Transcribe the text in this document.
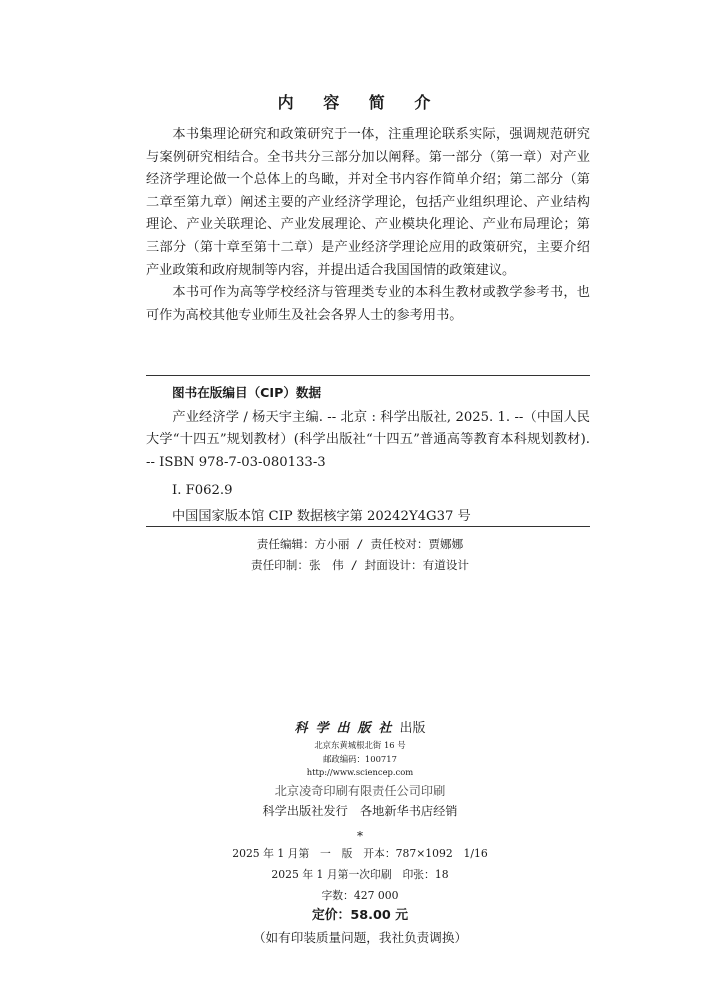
内 容 简 介

本书集理论研究和政策研究于一体，注重理论联系实际，强调规范研究与案例研究相结合。全书共分三部分加以阐释。第一部分（第一章）对产业经济学理论做一个总体上的鸟瞰，并对全书内容作简单介绍；第二部分（第二章至第九章）阐述主要的产业经济学理论，包括产业组织理论、产业结构理论、产业关联理论、产业发展理论、产业模块化理论、产业布局理论；第三部分（第十章至第十二章）是产业经济学理论应用的政策研究，主要介绍产业政策和政府规制等内容，并提出适合我国国情的政策建议。

本书可作为高等学校经济与管理类专业的本科生教材或教学参考书，也可作为高校其他专业师生及社会各界人士的参考用书。

图书在版编目（CIP）数据

产业经济学 / 杨天宇主编. -- 北京 : 科学出版社, 2025. 1. --（中国人民大学“十四五”规划教材）(科学出版社“十四五”普通高等教育本科规划教材). -- ISBN 978-7-03-080133-3

Ⅰ. F062.9
中国国家版本馆 CIP 数据核字第 20242Y4G37 号
责任编辑：方小丽 / 责任校对：贾娜娜
责任印制：张　伟 / 封面设计：有道设计
科学出版社出版
北京东黄城根北街 16 号
邮政编码：100717
http://www.sciencep.com
北京凌奇印刷有限责任公司印刷
科学出版社发行　各地新华书店经销
*
2025 年 1 月第　一　版　开本：787×1092　1/16
2025 年 1 月第一次印刷　印张：18
字数：427 000
定价：58.00 元
（如有印装质量问题，我社负责调换）
